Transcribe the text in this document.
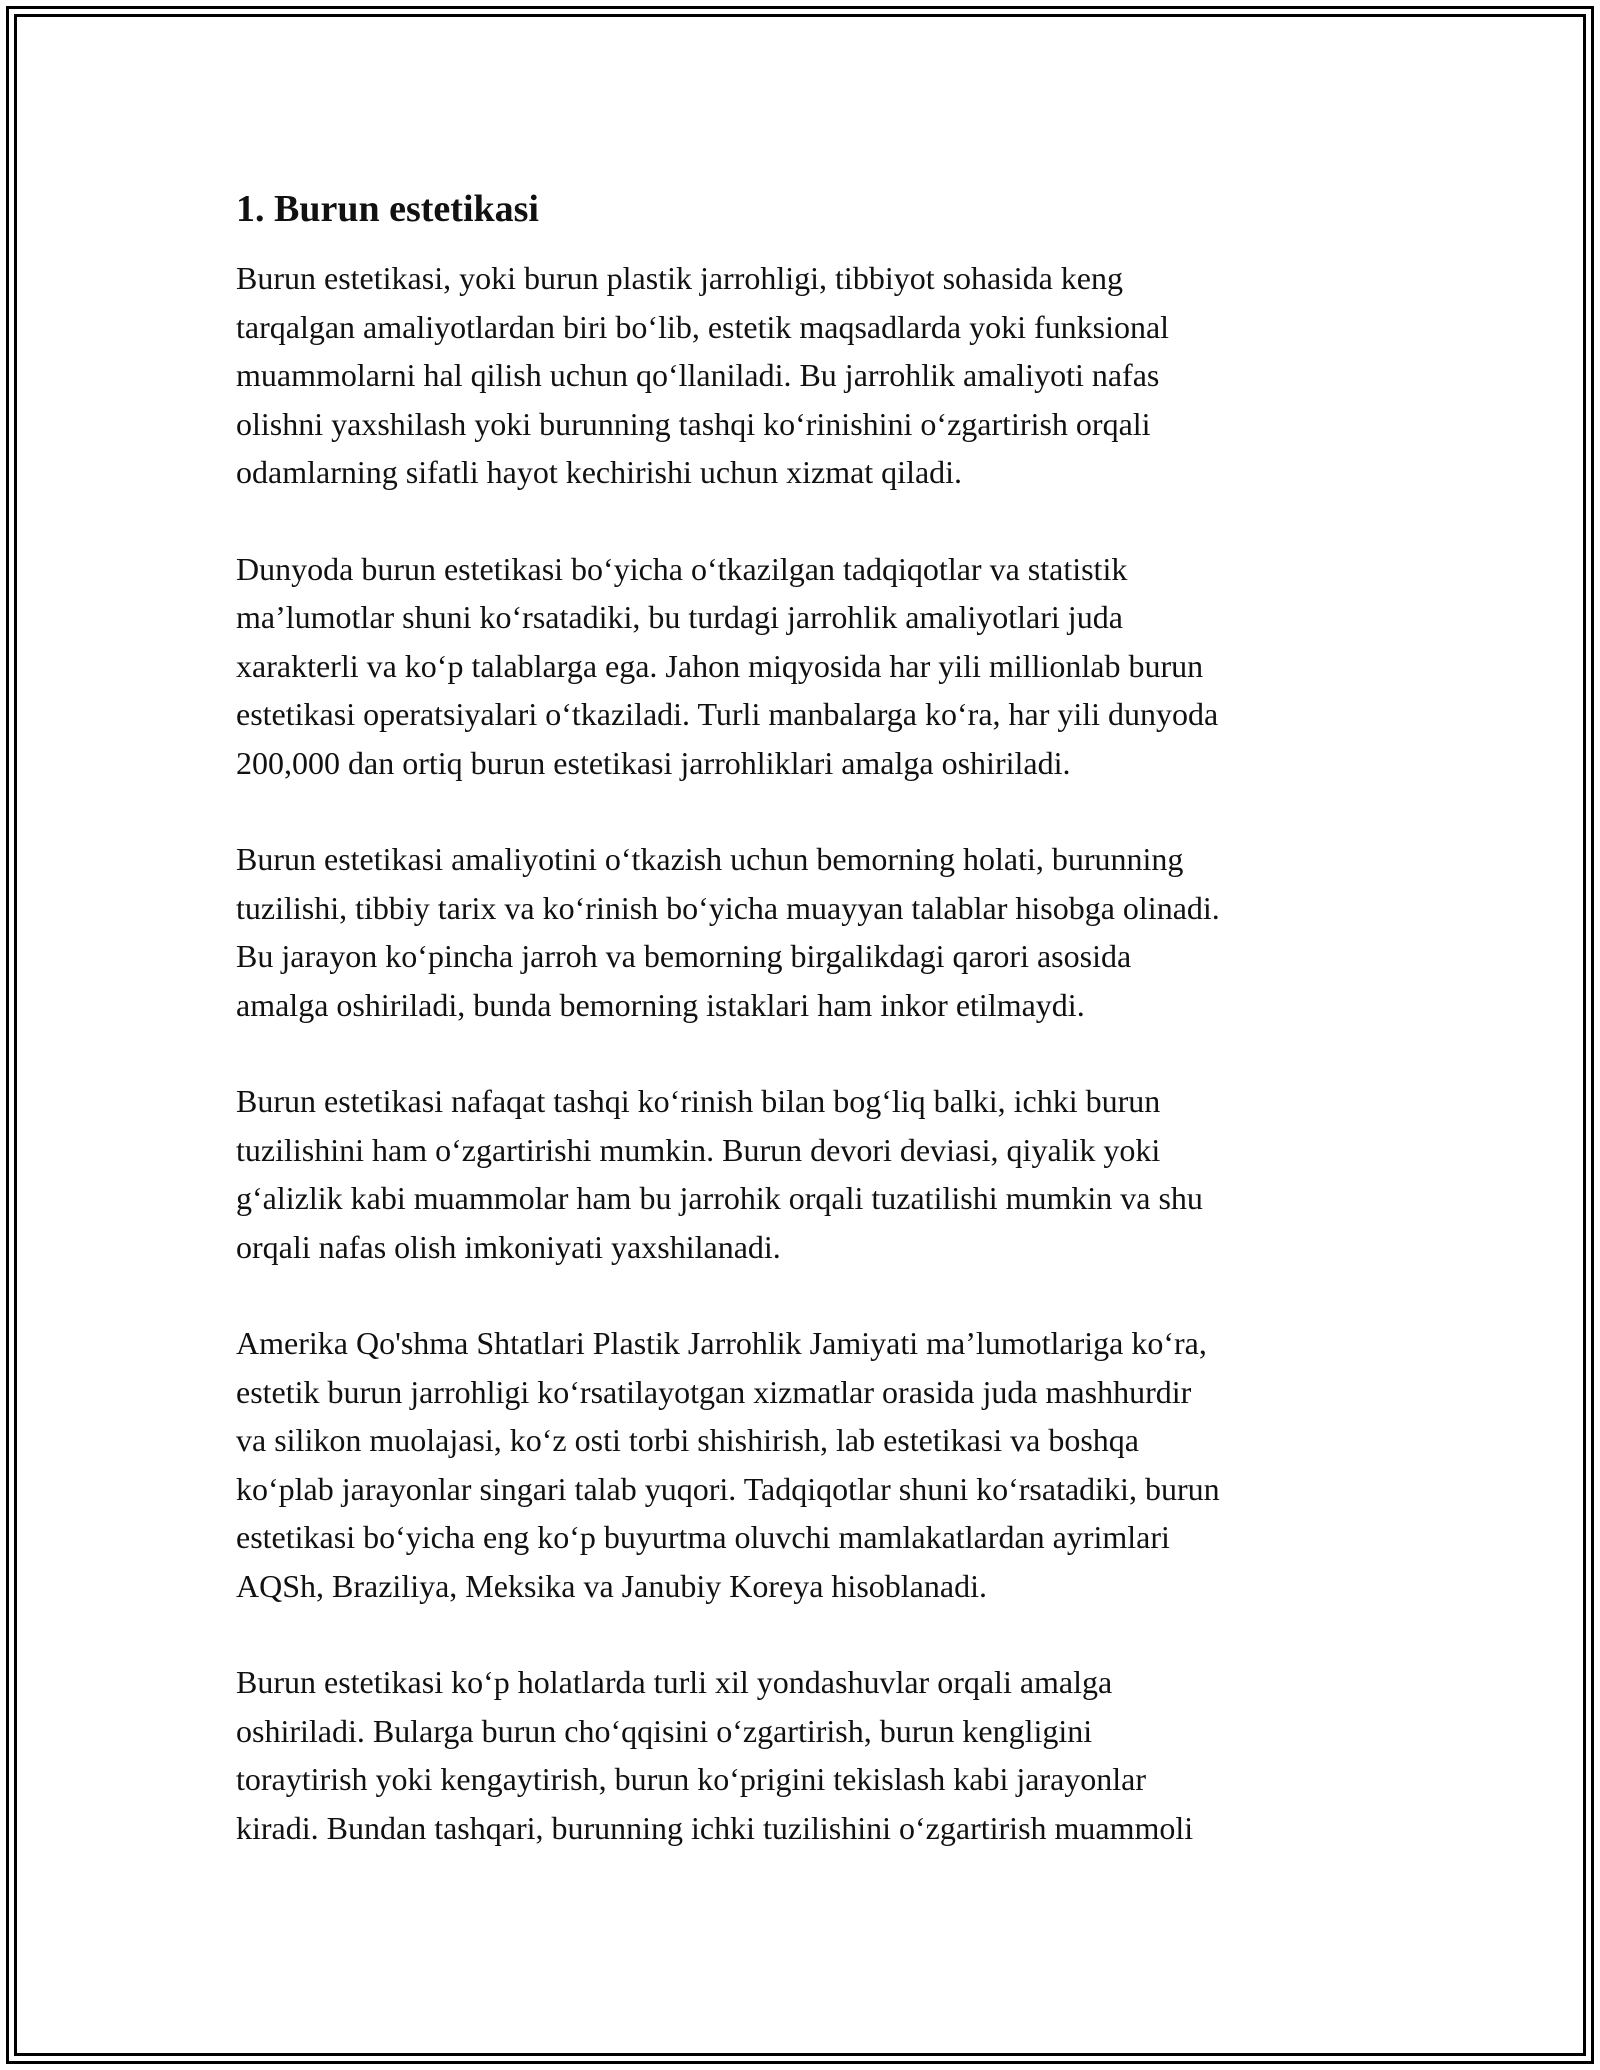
1. Burun estetikasi

Burun estetikasi, yoki burun plastik jarrohligi, tibbiyot sohasida keng
tarqalgan amaliyotlardan biri bo‘lib, estetik maqsadlarda yoki funksional
muammolarni hal qilish uchun qo‘llaniladi. Bu jarrohlik amaliyoti nafas
olishni yaxshilash yoki burunning tashqi ko‘rinishini o‘zgartirish orqali
odamlarning sifatli hayot kechirishi uchun xizmat qiladi.

Dunyoda burun estetikasi bo‘yicha o‘tkazilgan tadqiqotlar va statistik
ma’lumotlar shuni ko‘rsatadiki, bu turdagi jarrohlik amaliyotlari juda
xarakterli va ko‘p talablarga ega. Jahon miqyosida har yili millionlab burun
estetikasi operatsiyalari o‘tkaziladi. Turli manbalarga ko‘ra, har yili dunyoda
200,000 dan ortiq burun estetikasi jarrohliklari amalga oshiriladi.

Burun estetikasi amaliyotini o‘tkazish uchun bemorning holati, burunning
tuzilishi, tibbiy tarix va ko‘rinish bo‘yicha muayyan talablar hisobga olinadi.
Bu jarayon ko‘pincha jarroh va bemorning birgalikdagi qarori asosida
amalga oshiriladi, bunda bemorning istaklari ham inkor etilmaydi.

Burun estetikasi nafaqat tashqi ko‘rinish bilan bog‘liq balki, ichki burun
tuzilishini ham o‘zgartirishi mumkin. Burun devori deviasi, qiyalik yoki
g‘alizlik kabi muammolar ham bu jarrohik orqali tuzatilishi mumkin va shu
orqali nafas olish imkoniyati yaxshilanadi.

Amerika Qo'shma Shtatlari Plastik Jarrohlik Jamiyati ma’lumotlariga ko‘ra,
estetik burun jarrohligi ko‘rsatilayotgan xizmatlar orasida juda mashhurdir
va silikon muolajasi, ko‘z osti torbi shishirish, lab estetikasi va boshqa
ko‘plab jarayonlar singari talab yuqori. Tadqiqotlar shuni ko‘rsatadiki, burun
estetikasi bo‘yicha eng ko‘p buyurtma oluvchi mamlakatlardan ayrimlari
AQSh, Braziliya, Meksika va Janubiy Koreya hisoblanadi.

Burun estetikasi ko‘p holatlarda turli xil yondashuvlar orqali amalga
oshiriladi. Bularga burun cho‘qqisini o‘zgartirish, burun kengligini
toraytirish yoki kengaytirish, burun ko‘prigini tekislash kabi jarayonlar
kiradi. Bundan tashqari, burunning ichki tuzilishini o‘zgartirish muammoli
